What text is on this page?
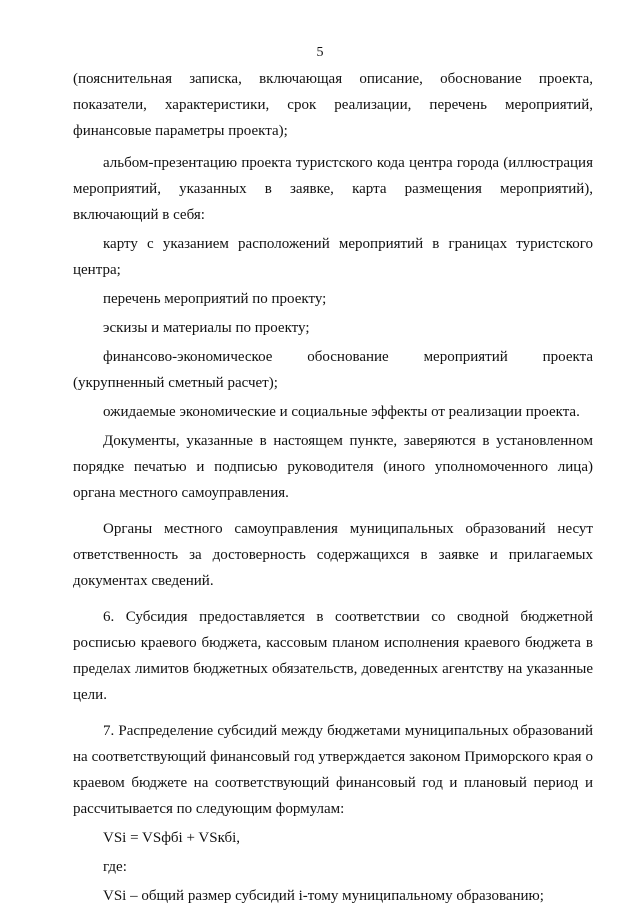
5

(пояснительная записка, включающая описание, обоснование проекта, показатели, характеристики, срок реализации, перечень мероприятий, финансовые параметры проекта);

альбом-презентацию проекта туристского кода центра города (иллюстрация мероприятий, указанных в заявке, карта размещения мероприятий), включающий в себя:

карту с указанием расположений мероприятий в границах туристского центра;

перечень мероприятий по проекту;

эскизы и материалы по проекту;

финансово-экономическое обоснование мероприятий проекта (укрупненный сметный расчет);

ожидаемые экономические и социальные эффекты от реализации проекта.

Документы, указанные в настоящем пункте, заверяются в установленном порядке печатью и подписью руководителя (иного уполномоченного лица) органа местного самоуправления.

Органы местного самоуправления муниципальных образований несут ответственность за достоверность содержащихся в заявке и прилагаемых документах сведений.

6. Субсидия предоставляется в соответствии со сводной бюджетной росписью краевого бюджета, кассовым планом исполнения краевого бюджета в пределах лимитов бюджетных обязательств, доведенных агентству на указанные цели.

7. Распределение субсидий между бюджетами муниципальных образований на соответствующий финансовый год утверждается законом Приморского края о краевом бюджете на соответствующий финансовый год и плановый период и рассчитывается по следующим формулам:

VSi = VSфбi + VSкбi,

где:

VSi – общий размер субсидий i-тому муниципальному образованию;
